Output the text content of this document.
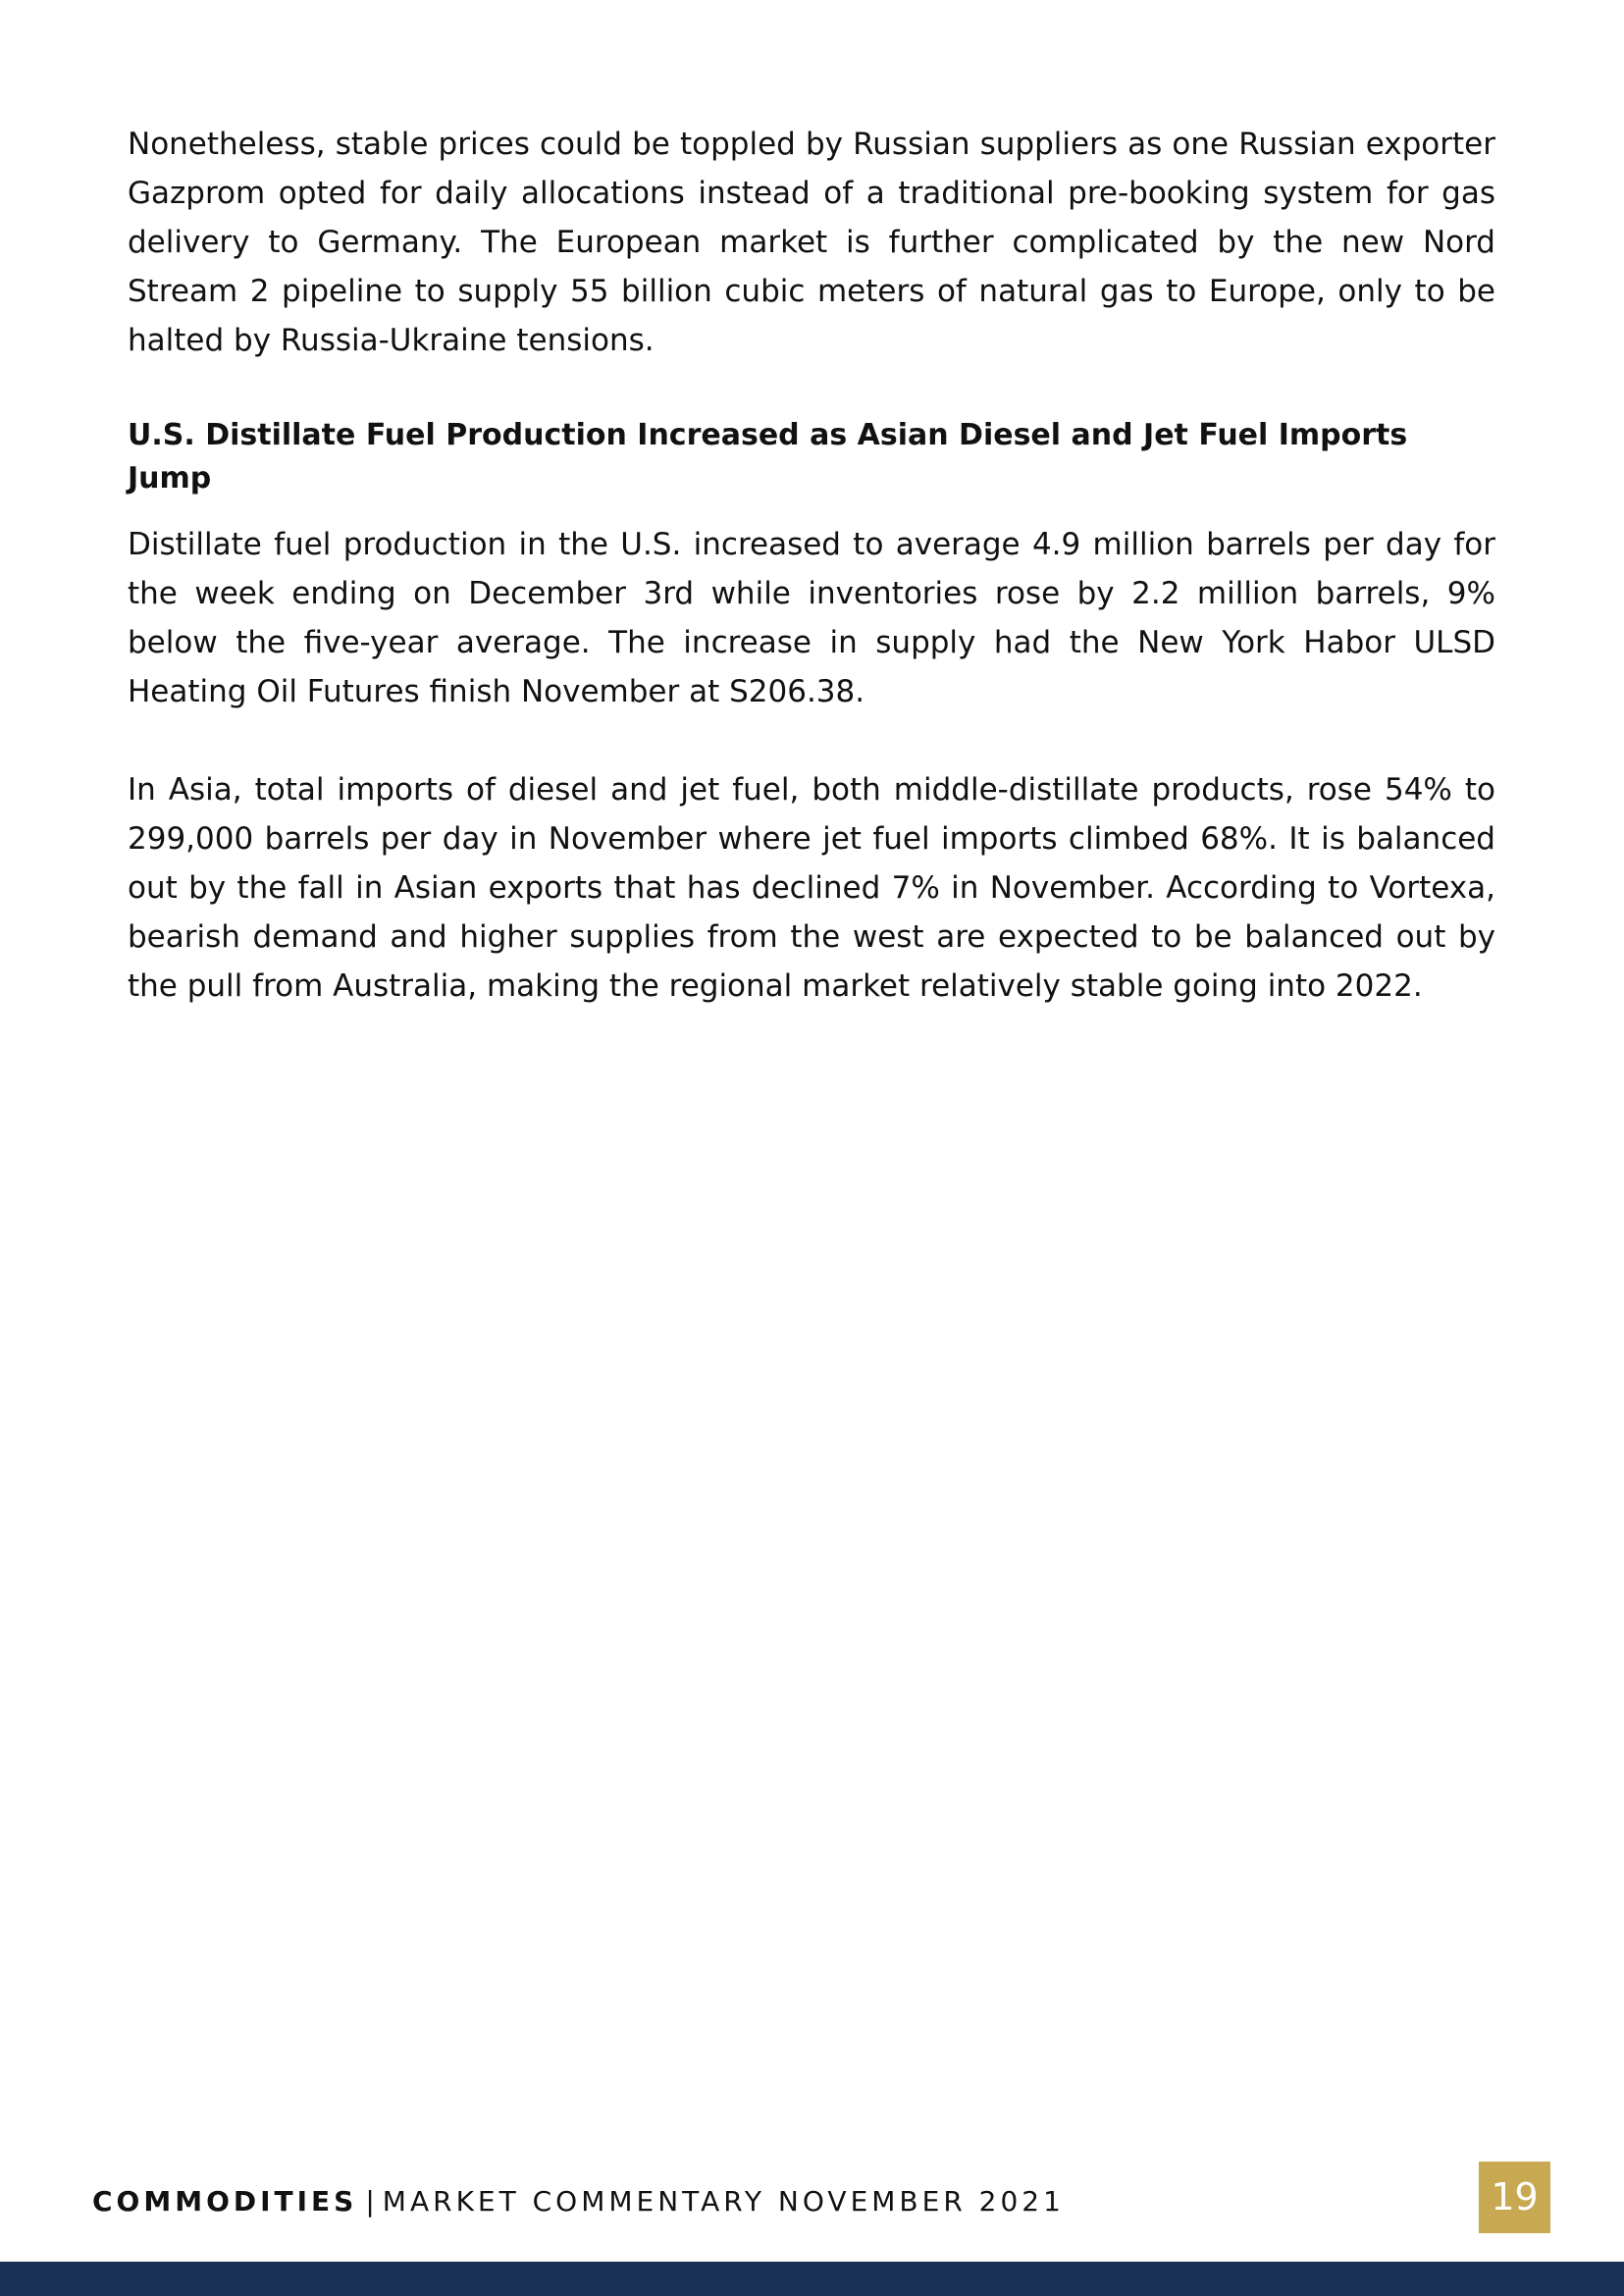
Nonetheless, stable prices could be toppled by Russian suppliers as one Russian exporter Gazprom opted for daily allocations instead of a traditional pre-booking system for gas delivery to Germany. The European market is further complicated by the new Nord Stream 2 pipeline to supply 55 billion cubic meters of natural gas to Europe, only to be halted by Russia-Ukraine tensions.

U.S. Distillate Fuel Production Increased as Asian Diesel and Jet Fuel Imports Jump

Distillate fuel production in the U.S. increased to average 4.9 million barrels per day for the week ending on December 3rd while inventories rose by 2.2 million barrels, 9% below the five-year average. The increase in supply had the New York Habor ULSD Heating Oil Futures finish November at S206.38.

In Asia, total imports of diesel and jet fuel, both middle-distillate products, rose 54% to 299,000 barrels per day in November where jet fuel imports climbed 68%. It is balanced out by the fall in Asian exports that has declined 7% in November. According to Vortexa, bearish demand and higher supplies from the west are expected to be balanced out by the pull from Australia, making the regional market relatively stable going into 2022.

COMMODITIES | MARKET COMMENTARY NOVEMBER 2021	19
